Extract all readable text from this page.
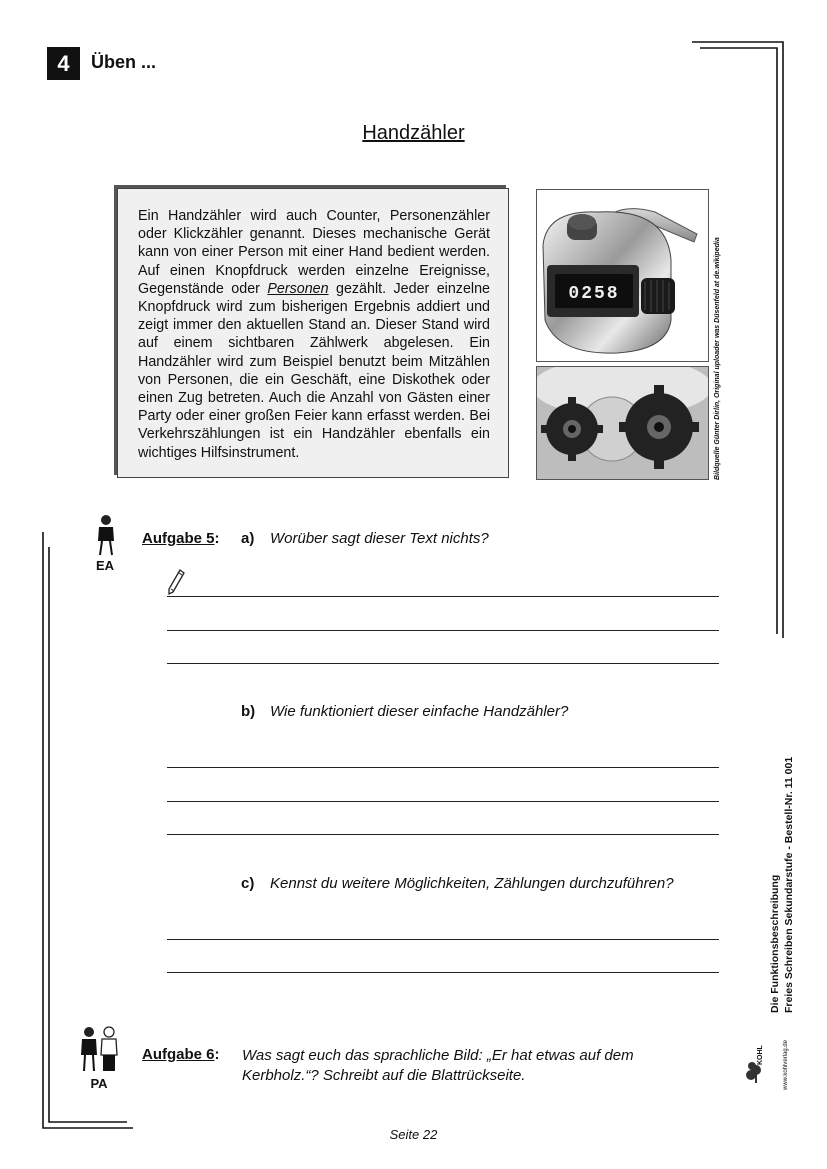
4	Üben ...
Handzähler
Ein Handzähler wird auch Counter, Personenzähler oder Klickzähler genannt. Dieses mechanische Gerät kann von einer Person mit einer Hand bedient werden. Auf einen Knopfdruck werden einzelne Ereignisse, Gegenstände oder Personen gezählt. Jeder einzelne Knopfdruck wird zum bisherigen Ergebnis addiert und zeigt immer den aktuellen Stand an. Dieser Stand wird auf einem sichtbaren Zählwerk abgelesen. Ein Handzähler wird zum Beispiel benutzt beim Mitzählen von Personen, die ein Geschäft, eine Diskothek oder einen Zug betreten. Auch die Anzahl von Gästen einer Party oder einer großen Feier kann erfasst werden. Bei Verkehrszählungen ist ein Handzähler ebenfalls ein wichtiges Hilfsinstrument.
0258	Bildquelle Günter Dirlin, Original uploader was Düsenfeld at de.wikipedia
EA
Aufgabe 5: a) Worüber sagt dieser Text nichts?
b) Wie funktioniert dieser einfache Handzähler?
c) Kennst du weitere Möglichkeiten, Zählungen durchzuführen?
PA
Aufgabe 6: Was sagt euch das sprachliche Bild: „Er hat etwas auf dem Kerbholz.“? Schreibt auf die Blattrückseite.
Die Funktionsbeschreibung Freies Schreiben Sekundarstufe - Bestell-Nr. 11 001
KOHL	www.kohlverlag.de
Seite 22
